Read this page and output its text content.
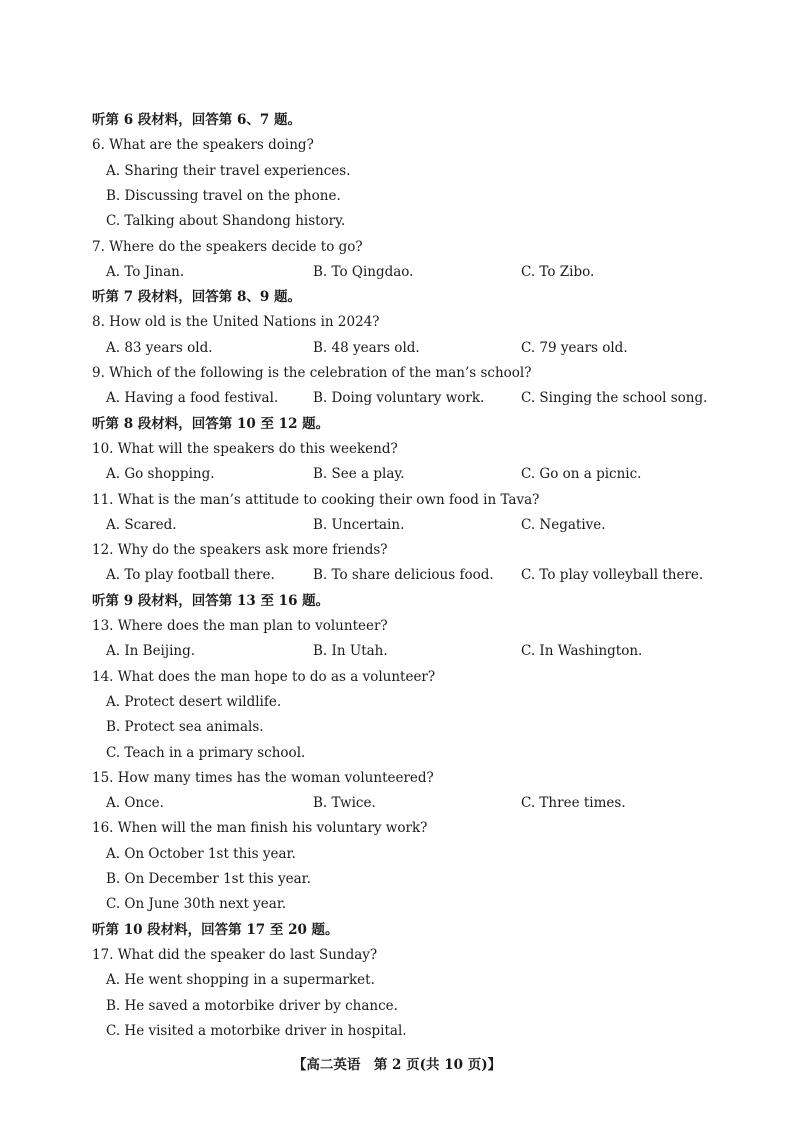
听第 6 段材料，回答第 6、7 题。
6. What are the speakers doing?
A. Sharing their travel experiences.
B. Discussing travel on the phone.
C. Talking about Shandong history.
7. Where do the speakers decide to go?
A. To Jinan.	B. To Qingdao.	C. To Zibo.
听第 7 段材料，回答第 8、9 题。
8. How old is the United Nations in 2024?
A. 83 years old.	B. 48 years old.	C. 79 years old.
9. Which of the following is the celebration of the man’s school?
A. Having a food festival.	B. Doing voluntary work.	C. Singing the school song.
听第 8 段材料，回答第 10 至 12 题。
10. What will the speakers do this weekend?
A. Go shopping.	B. See a play.	C. Go on a picnic.
11. What is the man’s attitude to cooking their own food in Tava?
A. Scared.	B. Uncertain.	C. Negative.
12. Why do the speakers ask more friends?
A. To play football there.	B. To share delicious food. C. To play volleyball there.
听第 9 段材料，回答第 13 至 16 题。
13. Where does the man plan to volunteer?
A. In Beijing.	B. In Utah.	C. In Washington.
14. What does the man hope to do as a volunteer?
A. Protect desert wildlife.
B. Protect sea animals.
C. Teach in a primary school.
15. How many times has the woman volunteered?
A. Once.	B. Twice.	C. Three times.
16. When will the man finish his voluntary work?
A. On October 1st this year.
B. On December 1st this year.
C. On June 30th next year.
听第 10 段材料，回答第 17 至 20 题。
17. What did the speaker do last Sunday?
A. He went shopping in a supermarket.
B. He saved a motorbike driver by chance.
C. He visited a motorbike driver in hospital.
【高二英语　第 2 页(共 10 页)】
